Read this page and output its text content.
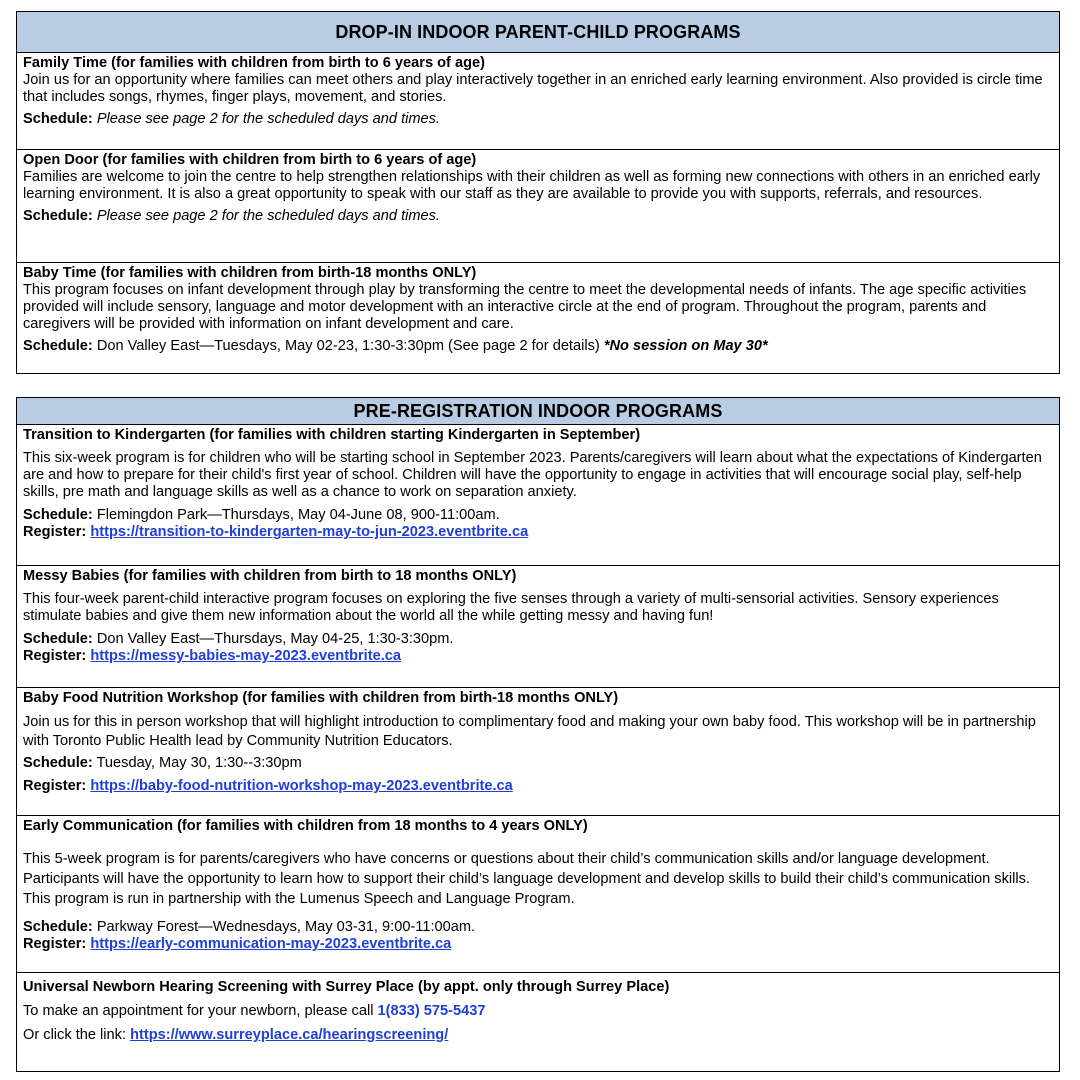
DROP-IN INDOOR PARENT-CHILD PROGRAMS
Family Time (for families with children from birth to 6 years of age)

Join us for an opportunity where families can meet others and play interactively together in an enriched early learning environment. Also provided is circle time that includes songs, rhymes, finger plays, movement, and stories.

Schedule: Please see page 2 for the scheduled days and times.
Open Door (for families with children from birth to 6 years of age)

Families are welcome to join the centre to help strengthen relationships with their children as well as forming new connections with others in an enriched early learning environment. It is also a great opportunity to speak with our staff as they are available to provide you with supports, referrals, and resources.

Schedule: Please see page 2 for the scheduled days and times.
Baby Time (for families with children from birth-18 months ONLY)

This program focuses on infant development through play by transforming the centre to meet the developmental needs of infants. The age specific activities provided will include sensory, language and motor development with an interactive circle at the end of program. Throughout the program, parents and caregivers will be provided with information on infant development and care.

Schedule: Don Valley East—Tuesdays, May 02-23, 1:30-3:30pm (See page 2 for details) *No session on May 30*
PRE-REGISTRATION INDOOR PROGRAMS
Transition to Kindergarten (for families with children starting Kindergarten in September)

This six-week program is for children who will be starting school in September 2023. Parents/caregivers will learn about what the expectations of Kindergarten are and how to prepare for their child's first year of school. Children will have the opportunity to engage in activities that will encourage social play, self-help skills, pre math and language skills as well as a chance to work on separation anxiety.

Schedule: Flemingdon Park—Thursdays, May 04-June 08, 900-11:00am.
Register: https://transition-to-kindergarten-may-to-jun-2023.eventbrite.ca
Messy Babies (for families with children from birth to 18 months ONLY)

This four-week parent-child interactive program focuses on exploring the five senses through a variety of multi-sensorial activities. Sensory experiences stimulate babies and give them new information about the world all the while getting messy and having fun!

Schedule: Don Valley East—Thursdays, May 04-25, 1:30-3:30pm.
Register: https://messy-babies-may-2023.eventbrite.ca
Baby Food Nutrition Workshop (for families with children from birth-18 months ONLY)

Join us for this in person workshop that will highlight introduction to complimentary food and making your own baby food. This workshop will be in partnership with Toronto Public Health lead by Community Nutrition Educators.

Schedule: Tuesday, May 30, 1:30--3:30pm
Register: https://baby-food-nutrition-workshop-may-2023.eventbrite.ca
Early Communication (for families with children from 18 months to 4 years ONLY)

This 5-week program is for parents/caregivers who have concerns or questions about their child’s communication skills and/or language development. Participants will have the opportunity to learn how to support their child’s language development and develop skills to build their child’s communication skills. This program is run in partnership with the Lumenus Speech and Language Program.

Schedule: Parkway Forest—Wednesdays, May 03-31, 9:00-11:00am.
Register: https://early-communication-may-2023.eventbrite.ca
Universal Newborn Hearing Screening with Surrey Place (by appt. only through Surrey Place)
To make an appointment for your newborn, please call 1(833) 575-5437
Or click the link: https://www.surreyplace.ca/hearingscreening/
